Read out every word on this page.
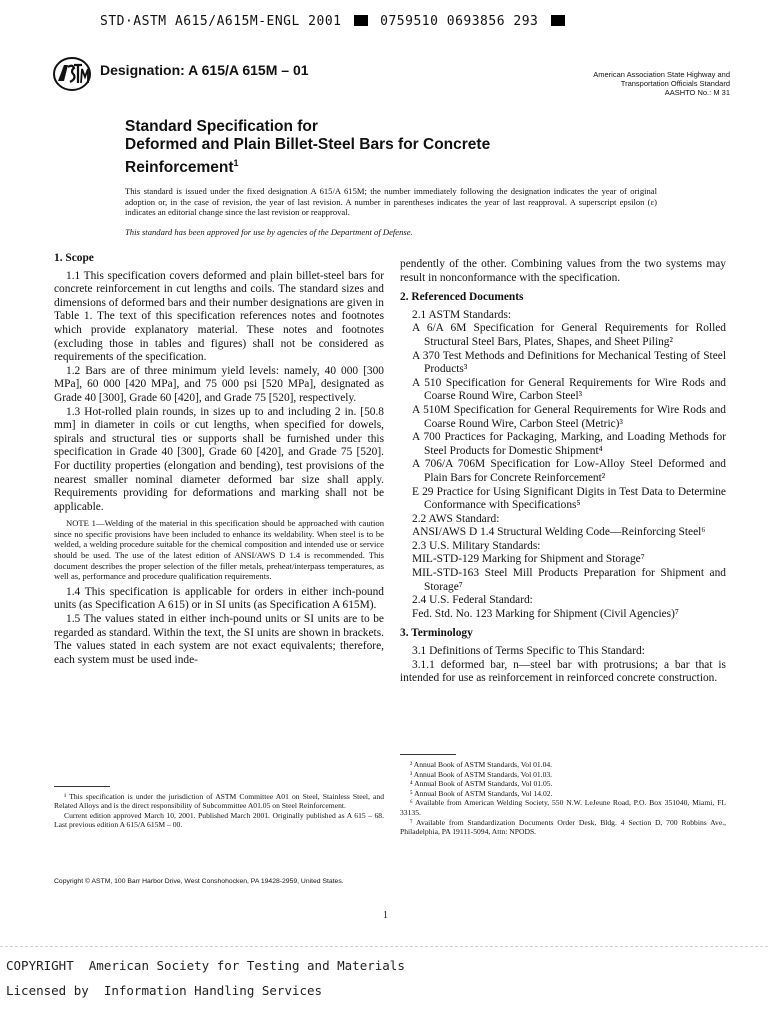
STD·ASTM A615/A615M-ENGL 2001	0759510 0693856 293
Designation: A 615/A 615M – 01	American Association State Highway and
Transportation Officials Standard
AASHTO No.: M 31
Standard Specification for
Deformed and Plain Billet-Steel Bars for Concrete
Reinforcement$^1$
This standard is issued under the fixed designation A 615/A 615M; the number immediately following the designation indicates the year of original adoption or, in the case of revision, the year of last revision. A number in parentheses indicates the year of last reapproval. A superscript epsilon (ε) indicates an editorial change since the last revision or reapproval.
This standard has been approved for use by agencies of the Department of Defense.
1. Scope

1.1 This specification covers deformed and plain billet-steel bars for concrete reinforcement in cut lengths and coils. The standard sizes and dimensions of deformed bars and their number designations are given in Table 1. The text of this specification references notes and footnotes which provide explanatory material. These notes and footnotes (excluding those in tables and figures) shall not be considered as requirements of the specification.

1.2 Bars are of three minimum yield levels: namely, 40 000 [300 MPa], 60 000 [420 MPa], and 75 000 psi [520 MPa], designated as Grade 40 [300], Grade 60 [420], and Grade 75 [520], respectively.

1.3 Hot-rolled plain rounds, in sizes up to and including 2 in. [50.8 mm] in diameter in coils or cut lengths, when specified for dowels, spirals and structural ties or supports shall be furnished under this specification in Grade 40 [300], Grade 60 [420], and Grade 75 [520]. For ductility properties (elongation and bending), test provisions of the nearest smaller nominal diameter deformed bar size shall apply. Requirements providing for deformations and marking shall not be applicable.

NOTE 1—Welding of the material in this specification should be approached with caution since no specific provisions have been included to enhance its weldability. When steel is to be welded, a welding procedure suitable for the chemical composition and intended use or service should be used. The use of the latest edition of ANSI/AWS D 1.4 is recommended. This document describes the proper selection of the filler metals, preheat/interpass temperatures, as well as, performance and procedure qualification requirements.

1.4 This specification is applicable for orders in either inch-pound units (as Specification A 615) or in SI units (as Specification A 615M).

1.5 The values stated in either inch-pound units or SI units are to be regarded as standard. Within the text, the SI units are shown in brackets. The values stated in each system are not exact equivalents; therefore, each system must be used inde-

pendently of the other. Combining values from the two systems may result in nonconformance with the specification.

2. Referenced Documents

2.1 ASTM Standards:

A 6/A 6M Specification for General Requirements for Rolled Structural Steel Bars, Plates, Shapes, and Sheet Piling²

A 370 Test Methods and Definitions for Mechanical Testing of Steel Products³

A 510 Specification for General Requirements for Wire Rods and Coarse Round Wire, Carbon Steel³

A 510M Specification for General Requirements for Wire Rods and Coarse Round Wire, Carbon Steel (Metric)³

A 700 Practices for Packaging, Marking, and Loading Methods for Steel Products for Domestic Shipment⁴

A 706/A 706M Specification for Low-Alloy Steel Deformed and Plain Bars for Concrete Reinforcement²

E 29 Practice for Using Significant Digits in Test Data to Determine Conformance with Specifications⁵

2.2 AWS Standard:

ANSI/AWS D 1.4 Structural Welding Code—Reinforcing Steel⁶

2.3 U.S. Military Standards:

MIL-STD-129 Marking for Shipment and Storage⁷

MIL-STD-163 Steel Mill Products Preparation for Shipment and Storage⁷

2.4 U.S. Federal Standard:

Fed. Std. No. 123 Marking for Shipment (Civil Agencies)⁷

3. Terminology

3.1 Definitions of Terms Specific to This Standard:

3.1.1 deformed bar, n—steel bar with protrusions; a bar that is intended for use as reinforcement in reinforced concrete construction.

¹ This specification is under the jurisdiction of ASTM Committee A01 on Steel, Stainless Steel, and Related Alloys and is the direct responsibility of Subcommittee A01.05 on Steel Reinforcement.

Current edition approved March 10, 2001. Published March 2001. Originally published as A 615 – 68. Last previous edition A 615/A 615M – 00.

² Annual Book of ASTM Standards, Vol 01.04.

³ Annual Book of ASTM Standards, Vol 01.03.

⁴ Annual Book of ASTM Standards, Vol 01.05.

⁵ Annual Book of ASTM Standards, Vol 14.02.

⁶ Available from American Welding Society, 550 N.W. LeJeune Road, P.O. Box 351040, Miami, FL 33135.

⁷ Available from Standardization Documents Order Desk, Bldg. 4 Section D, 700 Robbins Ave., Philadelphia, PA 19111-5094, Attn: NPODS.

Copyright © ASTM, 100 Barr Harbor Drive, West Conshohocken, PA 19428-2959, United States.
1
COPYRIGHT  American Society for Testing and Materials
Licensed by  Information Handling Services
